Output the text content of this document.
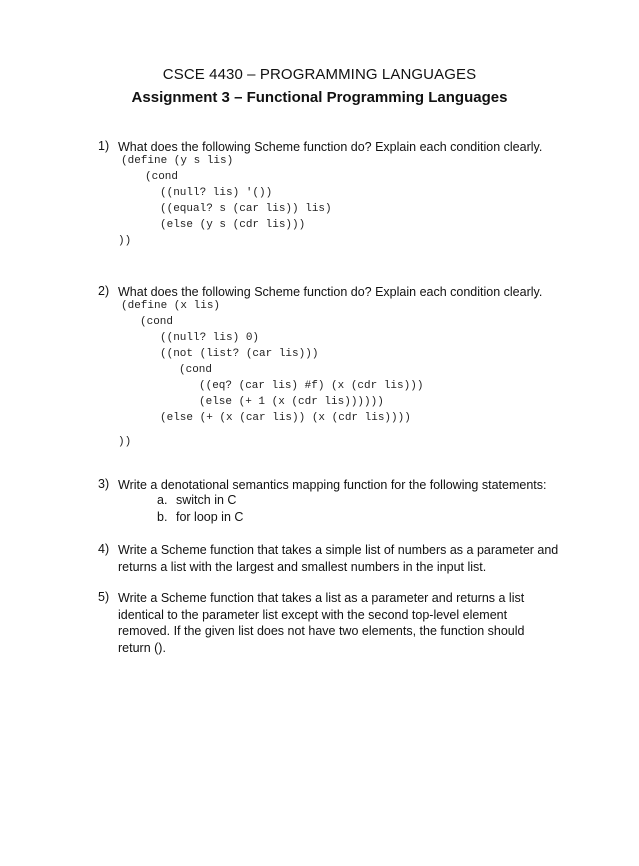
CSCE 4430 – PROGRAMMING LANGUAGES
Assignment 3 – Functional Programming Languages
1) What does the following Scheme function do? Explain each condition clearly.
(define (y s lis)
(cond
((null? lis) '())
((equal? s (car lis)) lis)
(else (y s (cdr lis)))
))
2) What does the following Scheme function do? Explain each condition clearly.
(define (x lis)
(cond
((null? lis) 0)
((not (list? (car lis)))
(cond
((eq? (car lis) #f) (x (cdr lis)))
(else (+ 1 (x (cdr lis))))))
(else (+ (x (car lis)) (x (cdr lis))))
))
3) Write a denotational semantics mapping function for the following statements:
a. switch in C
b. for loop in C
4) Write a Scheme function that takes a simple list of numbers as a parameter and returns a list with the largest and smallest numbers in the input list.
5) Write a Scheme function that takes a list as a parameter and returns a list identical to the parameter list except with the second top-level element removed. If the given list does not have two elements, the function should return ().
